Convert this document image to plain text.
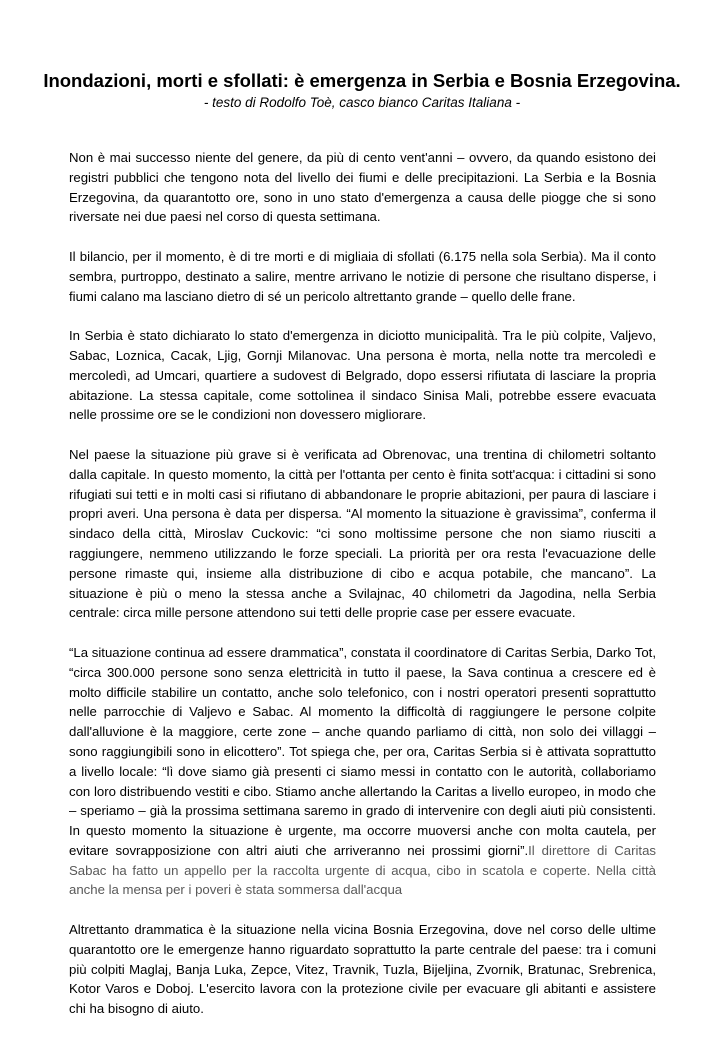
Inondazioni, morti e sfollati: è emergenza in Serbia e Bosnia Erzegovina.
- testo di Rodolfo Toè, casco bianco Caritas Italiana -

Non è mai successo niente del genere, da più di cento vent'anni – ovvero, da quando esistono dei registri pubblici che tengono nota del livello dei fiumi e delle precipitazioni. La Serbia e la Bosnia Erzegovina, da quarantotto ore, sono in uno stato d'emergenza a causa delle piogge che si sono riversate nei due paesi nel corso di questa settimana.

Il bilancio, per il momento, è di tre morti e di migliaia di sfollati (6.175 nella sola Serbia). Ma il conto sembra, purtroppo, destinato a salire, mentre arrivano le notizie di persone che risultano disperse, i fiumi calano ma lasciano dietro di sé un pericolo altrettanto grande – quello delle frane.

In Serbia è stato dichiarato lo stato d'emergenza in diciotto municipalità. Tra le più colpite, Valjevo, Sabac, Loznica, Cacak, Ljig, Gornji Milanovac. Una persona è morta, nella notte tra mercoledì e mercoledì, ad Umcari, quartiere a sudovest di Belgrado, dopo essersi rifiutata di lasciare la propria abitazione. La stessa capitale, come sottolinea il sindaco Sinisa Mali, potrebbe essere evacuata nelle prossime ore se le condizioni non dovessero migliorare.

Nel paese la situazione più grave si è verificata ad Obrenovac, una trentina di chilometri soltanto dalla capitale. In questo momento, la città per l'ottanta per cento è finita sott'acqua: i cittadini si sono rifugiati sui tetti e in molti casi si rifiutano di abbandonare le proprie abitazioni, per paura di lasciare i propri averi. Una persona è data per dispersa. “Al momento la situazione è gravissima”, conferma il sindaco della città, Miroslav Cuckovic: “ci sono moltissime persone che non siamo riusciti a raggiungere, nemmeno utilizzando le forze speciali. La priorità per ora resta l'evacuazione delle persone rimaste qui, insieme alla distribuzione di cibo e acqua potabile, che mancano”. La situazione è più o meno la stessa anche a Svilajnac, 40 chilometri da Jagodina, nella Serbia centrale: circa mille persone attendono sui tetti delle proprie case per essere evacuate.

“La situazione continua ad essere drammatica”, constata il coordinatore di Caritas Serbia, Darko Tot, “circa 300.000 persone sono senza elettricità in tutto il paese, la Sava continua a crescere ed è molto difficile stabilire un contatto, anche solo telefonico, con i nostri operatori presenti soprattutto nelle parrocchie di Valjevo e Sabac. Al momento la difficoltà di raggiungere le persone colpite dall'alluvione è la maggiore, certe zone – anche quando parliamo di città, non solo dei villaggi – sono raggiungibili sono in elicottero”. Tot spiega che, per ora, Caritas Serbia si è attivata soprattutto a livello locale: “lì dove siamo già presenti ci siamo messi in contatto con le autorità, collaboriamo con loro distribuendo vestiti e cibo. Stiamo anche allertando la Caritas a livello europeo, in modo che – speriamo – già la prossima settimana saremo in grado di intervenire con degli aiuti più consistenti. In questo momento la situazione è urgente, ma occorre muoversi anche con molta cautela, per evitare sovrapposizione con altri aiuti che arriveranno nei prossimi giorni”.Il direttore di Caritas Sabac ha fatto un appello per la raccolta urgente di acqua, cibo in scatola e coperte. Nella città anche la mensa per i poveri è stata sommersa dall'acqua

Altrettanto drammatica è la situazione nella vicina Bosnia Erzegovina, dove nel corso delle ultime quarantotto ore le emergenze hanno riguardato soprattutto la parte centrale del paese: tra i comuni più colpiti Maglaj, Banja Luka, Zepce, Vitez, Travnik, Tuzla, Bijeljina, Zvornik, Bratunac, Srebrenica, Kotor Varos e Doboj. L'esercito lavora con la protezione civile per evacuare gli abitanti e assistere chi ha bisogno di aiuto.
